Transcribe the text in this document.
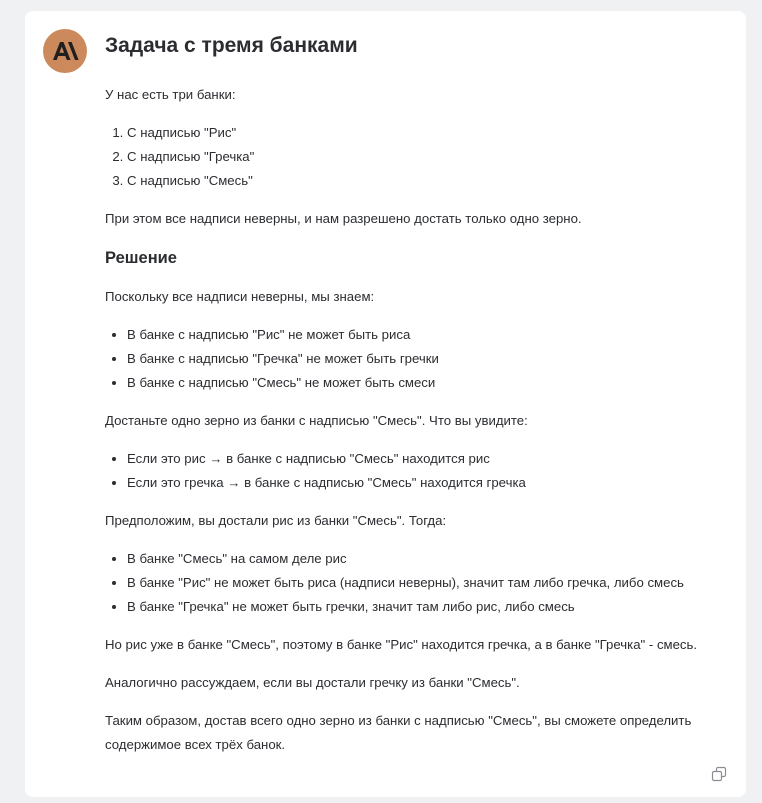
Задача с тремя банками

У нас есть три банки:

1. С надписью "Рис"
2. С надписью "Гречка"
3. С надписью "Смесь"

При этом все надписи неверны, и нам разрешено достать только одно зерно.

Решение

Поскольку все надписи неверны, мы знаем:

• В банке с надписью "Рис" не может быть риса
• В банке с надписью "Гречка" не может быть гречки
• В банке с надписью "Смесь" не может быть смеси

Достаньте одно зерно из банки с надписью "Смесь". Что вы увидите:

• Если это рис → в банке с надписью "Смесь" находится рис
• Если это гречка → в банке с надписью "Смесь" находится гречка

Предположим, вы достали рис из банки "Смесь". Тогда:

• В банке "Смесь" на самом деле рис
• В банке "Рис" не может быть риса (надписи неверны), значит там либо гречка, либо смесь
• В банке "Гречка" не может быть гречки, значит там либо рис, либо смесь

Но рис уже в банке "Смесь", поэтому в банке "Рис" находится гречка, а в банке "Гречка" - смесь.

Аналогично рассуждаем, если вы достали гречку из банки "Смесь".

Таким образом, достав всего одно зерно из банки с надписью "Смесь", вы сможете определить содержимое всех трёх банок.
